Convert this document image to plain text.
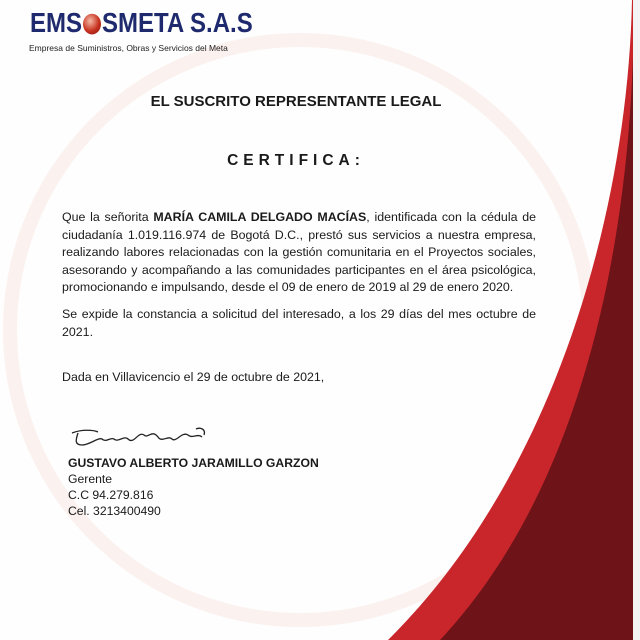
EMS SMETA S.A.S
Empresa de Suministros, Obras y Servicios del Meta
EL SUSCRITO REPRESENTANTE LEGAL
CERTIFICA:
Que la señorita MARÍA CAMILA DELGADO MACÍAS, identificada con la cédula de
ciudadanía 1.019.116.974 de Bogotá D.C., prestó sus servicios a nuestra empresa,
realizando labores relacionadas con la gestión comunitaria en el Proyectos sociales,
asesorando y acompañando a las comunidades participantes en el área psicológica,
promocionando e impulsando, desde el 09 de enero de 2019 al 29 de enero 2020.
Se expide la constancia a solicitud del interesado, a los 29 días del mes octubre de
2021.
Dada en Villavicencio el 29 de octubre de 2021,
GUSTAVO ALBERTO JARAMILLO GARZON
Gerente
C.C 94.279.816
Cel. 3213400490
